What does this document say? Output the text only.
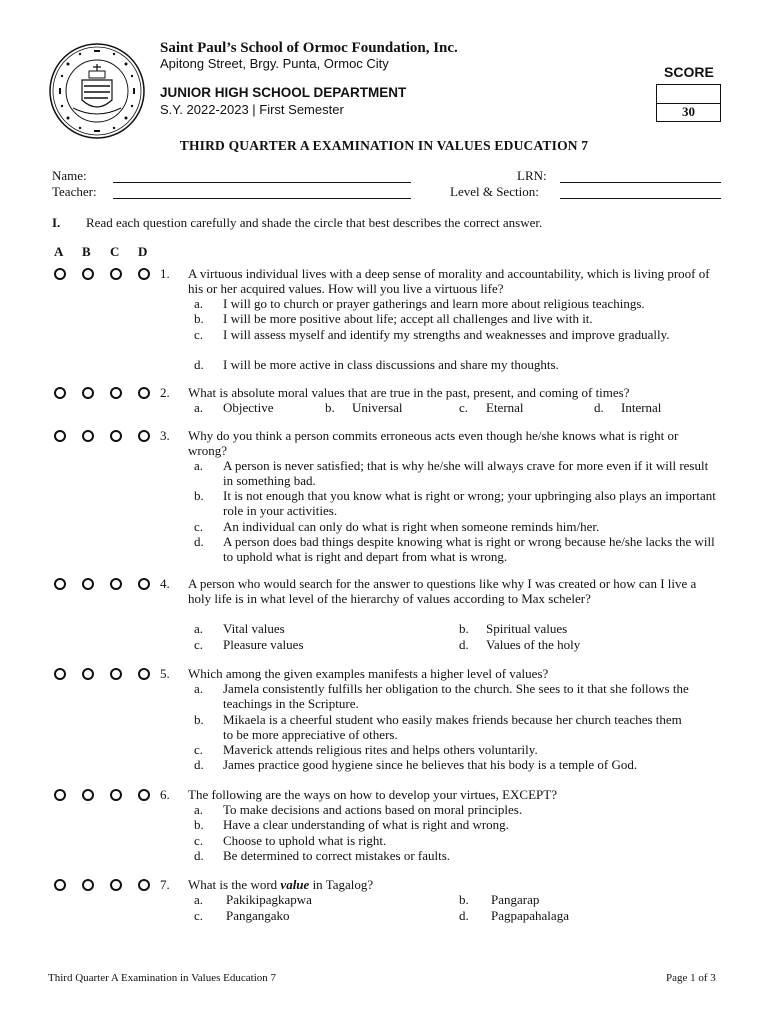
Saint Paul’s School of Ormoc Foundation, Inc.
Apitong Street, Brgy. Punta, Ormoc City
JUNIOR HIGH SCHOOL DEPARTMENT
S.Y. 2022-2023 | First Semester
SCORE
30
THIRD QUARTER A EXAMINATION IN VALUES EDUCATION 7
Name:
Teacher:
LRN:
Level & Section:
I. Read each question carefully and shade the circle that best describes the correct answer.
A B C D
1. A virtuous individual lives with a deep sense of morality and accountability, which is living proof of his or her acquired values. How will you live a virtuous life?
a. I will go to church or prayer gatherings and learn more about religious teachings.
b. I will be more positive about life; accept all challenges and live with it.
c. I will assess myself and identify my strengths and weaknesses and improve gradually.
d. I will be more active in class discussions and share my thoughts.
2. What is absolute moral values that are true in the past, present, and coming of times?
a. Objective	b. Universal	c. Eternal	d. Internal
3. Why do you think a person commits erroneous acts even though he/she knows what is right or wrong?
a. A person is never satisfied; that is why he/she will always crave for more even if it will result in something bad.
b. It is not enough that you know what is right or wrong; your upbringing also plays an important role in your activities.
c. An individual can only do what is right when someone reminds him/her.
d. A person does bad things despite knowing what is right or wrong because he/she lacks the will to uphold what is right and depart from what is wrong.
4. A person who would search for the answer to questions like why I was created or how can I live a holy life is in what level of the hierarchy of values according to Max scheler?
a. Vital values	b. Spiritual values
c. Pleasure values	d. Values of the holy
5. Which among the given examples manifests a higher level of values?
a. Jamela consistently fulfills her obligation to the church. She sees to it that she follows the teachings in the Scripture.
b. Mikaela is a cheerful student who easily makes friends because her church teaches them to be more appreciative of others.
c. Maverick attends religious rites and helps others voluntarily.
d. James practice good hygiene since he believes that his body is a temple of God.
6. The following are the ways on how to develop your virtues, EXCEPT?
a. To make decisions and actions based on moral principles.
b. Have a clear understanding of what is right and wrong.
c. Choose to uphold what is right.
d. Be determined to correct mistakes or faults.
7. What is the word value in Tagalog?
a. Pakikipagkapwa	b. Pangarap
c. Pangangako	d. Pagpapahalaga
Third Quarter A Examination in Values Education 7	Page 1 of 3
